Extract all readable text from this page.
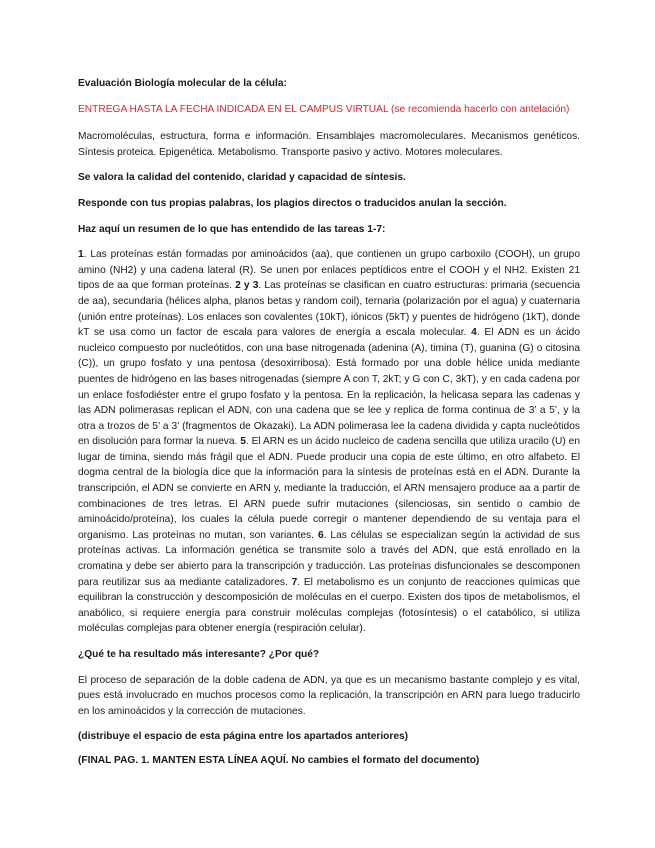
Evaluación Biología molecular de la célula:

ENTREGA HASTA LA FECHA INDICADA EN EL CAMPUS VIRTUAL (se recomienda hacerlo con antelación)

Macromoléculas, estructura, forma e información. Ensamblajes macromoleculares. Mecanismos genéticos. Síntesis proteica. Epigenética. Metabolismo. Transporte pasivo y activo. Motores moleculares.

Se valora la calidad del contenido, claridad y capacidad de síntesis.

Responde con tus propias palabras, los plagios directos o traducidos anulan la sección.

Haz aquí un resumen de lo que has entendido de las tareas 1-7:

1. Las proteínas están formadas por aminoácidos (aa), que contienen un grupo carboxilo (COOH), un grupo amino (NH2) y una cadena lateral (R). Se unen por enlaces peptídicos entre el COOH y el NH2. Existen 21 tipos de aa que forman proteínas. 2 y 3. Las proteínas se clasifican en cuatro estructuras: primaria (secuencia de aa), secundaria (hélices alpha, planos betas y random coil), ternaria (polarización por el agua) y cuaternaria (unión entre proteínas). Los enlaces son covalentes (10kT), iónicos (5kT) y puentes de hidrógeno (1kT), donde kT se usa como un factor de escala para valores de energía a escala molecular. 4. El ADN es un ácido nucleico compuesto por nucleótidos, con una base nitrogenada (adenina (A), timina (T), guanina (G) o citosina (C)), un grupo fosfato y una pentosa (desoxirribosa). Está formado por una doble hélice unida mediante puentes de hidrógeno en las bases nitrogenadas (siempre A con T, 2kT; y G con C, 3kT), y en cada cadena por un enlace fosfodiéster entre el grupo fosfato y la pentosa. En la replicación, la helicasa separa las cadenas y las ADN polimerasas replican el ADN, con una cadena que se lee y replica de forma continua de 3’ a 5’, y la otra a trozos de 5’ a 3’ (fragmentos de Okazaki). La ADN polimerasa lee la cadena dividida y capta nucleótidos en disolución para formar la nueva. 5. El ARN es un ácido nucleico de cadena sencilla que utiliza uracilo (U) en lugar de timina, siendo más frágil que el ADN. Puede producir una copia de este último, en otro alfabeto. El dogma central de la biología dice que la información para la síntesis de proteínas está en el ADN. Durante la transcripción, el ADN se convierte en ARN y, mediante la traducción, el ARN mensajero produce aa a partir de combinaciones de tres letras. El ARN puede sufrir mutaciones (silenciosas, sin sentido o cambio de aminoácido/proteína), los cuales la célula puede corregir o mantener dependiendo de su ventaja para el organismo. Las proteínas no mutan, son variantes. 6. Las células se especializan según la actividad de sus proteínas activas. La información genética se transmite solo a través del ADN, que está enrollado en la cromatina y debe ser abierto para la transcripción y traducción. Las proteínas disfuncionales se descomponen para reutilizar sus aa mediante catalizadores. 7. El metabolismo es un conjunto de reacciones químicas que equilibran la construcción y descomposición de moléculas en el cuerpo. Existen dos tipos de metabolismos, el anabólico, si requiere energía para construir moléculas complejas (fotosíntesis) o el catabólico, si utiliza moléculas complejas para obtener energía (respiración celular).

¿Qué te ha resultado más interesante? ¿Por qué?

El proceso de separación de la doble cadena de ADN, ya que es un mecanismo bastante complejo y es vital, pues está involucrado en muchos procesos como la replicación, la transcripción en ARN para luego traducirlo en los aminoácidos y la corrección de mutaciones.

(distribuye el espacio de esta página entre los apartados anteriores)

(FINAL PAG. 1. MANTEN ESTA LÍNEA AQUÍ. No cambies el formato del documento)
